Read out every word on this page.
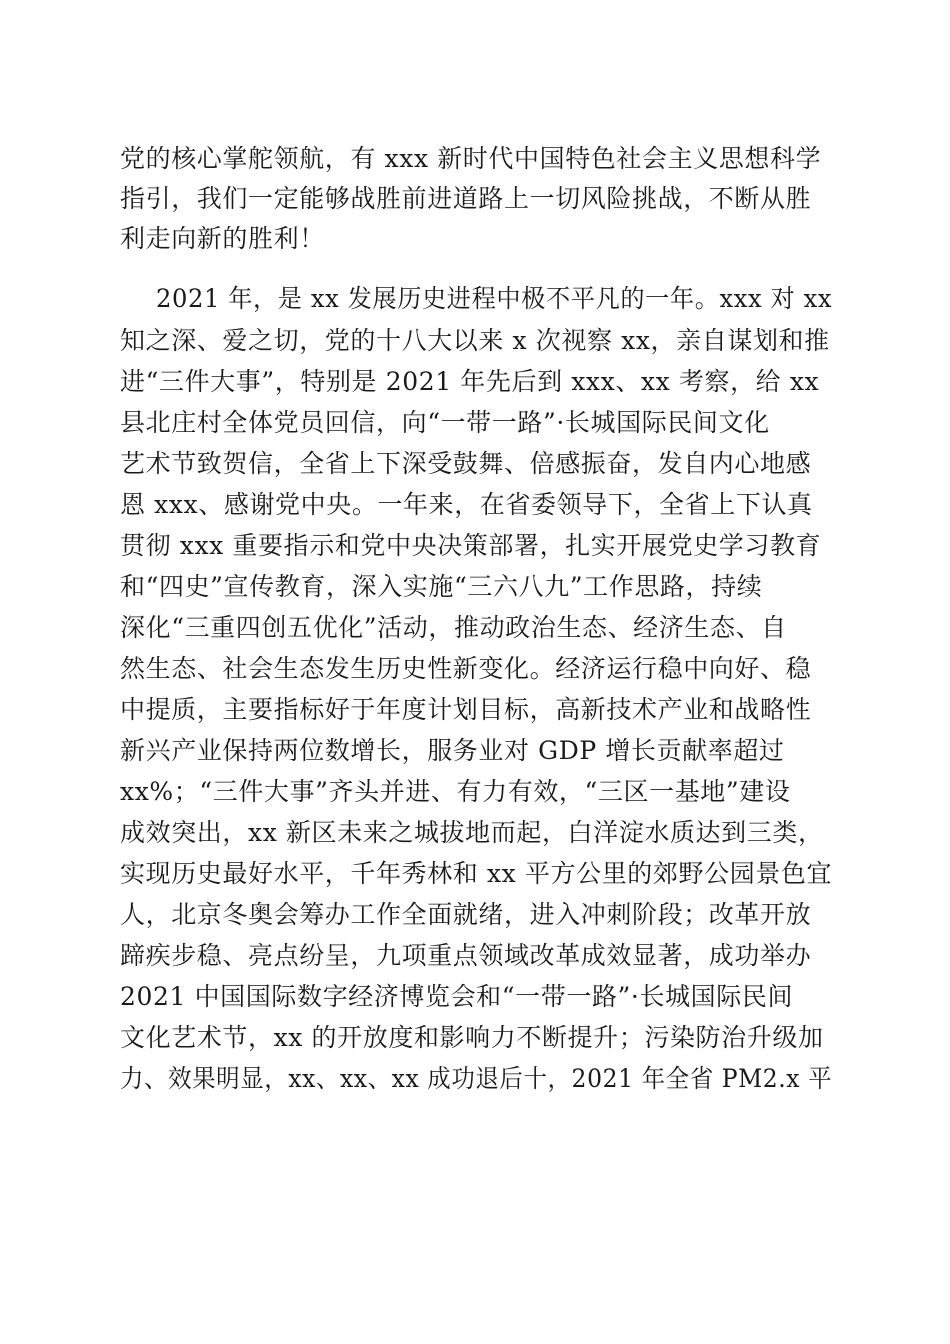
党的核心掌舵领航，有 xxx 新时代中国特色社会主义思想科学
指引，我们一定能够战胜前进道路上一切风险挑战，不断从胜
利走向新的胜利！
2021 年，是 xx 发展历史进程中极不平凡的一年。xxx 对 xx
知之深、爱之切，党的十八大以来 x 次视察 xx，亲自谋划和推
进“三件大事”，特别是 2021 年先后到 xxx、xx 考察，给 xx
县北庄村全体党员回信，向“一带一路”·长城国际民间文化
艺术节致贺信，全省上下深受鼓舞、倍感振奋，发自内心地感
恩 xxx、感谢党中央。一年来，在省委领导下，全省上下认真
贯彻 xxx 重要指示和党中央决策部署，扎实开展党史学习教育
和“四史”宣传教育，深入实施“三六八九”工作思路，持续
深化“三重四创五优化”活动，推动政治生态、经济生态、自
然生态、社会生态发生历史性新变化。经济运行稳中向好、稳
中提质，主要指标好于年度计划目标，高新技术产业和战略性
新兴产业保持两位数增长，服务业对 GDP 增长贡献率超过
xx%；“三件大事”齐头并进、有力有效，“三区一基地”建设
成效突出，xx 新区未来之城拔地而起，白洋淀水质达到三类，
实现历史最好水平，千年秀林和 xx 平方公里的郊野公园景色宜
人，北京冬奥会筹办工作全面就绪，进入冲刺阶段；改革开放
蹄疾步稳、亮点纷呈，九项重点领域改革成效显著，成功举办
2021 中国国际数字经济博览会和“一带一路”·长城国际民间
文化艺术节，xx 的开放度和影响力不断提升；污染防治升级加
力、效果明显，xx、xx、xx 成功退后十，2021 年全省 PM2.x 平
